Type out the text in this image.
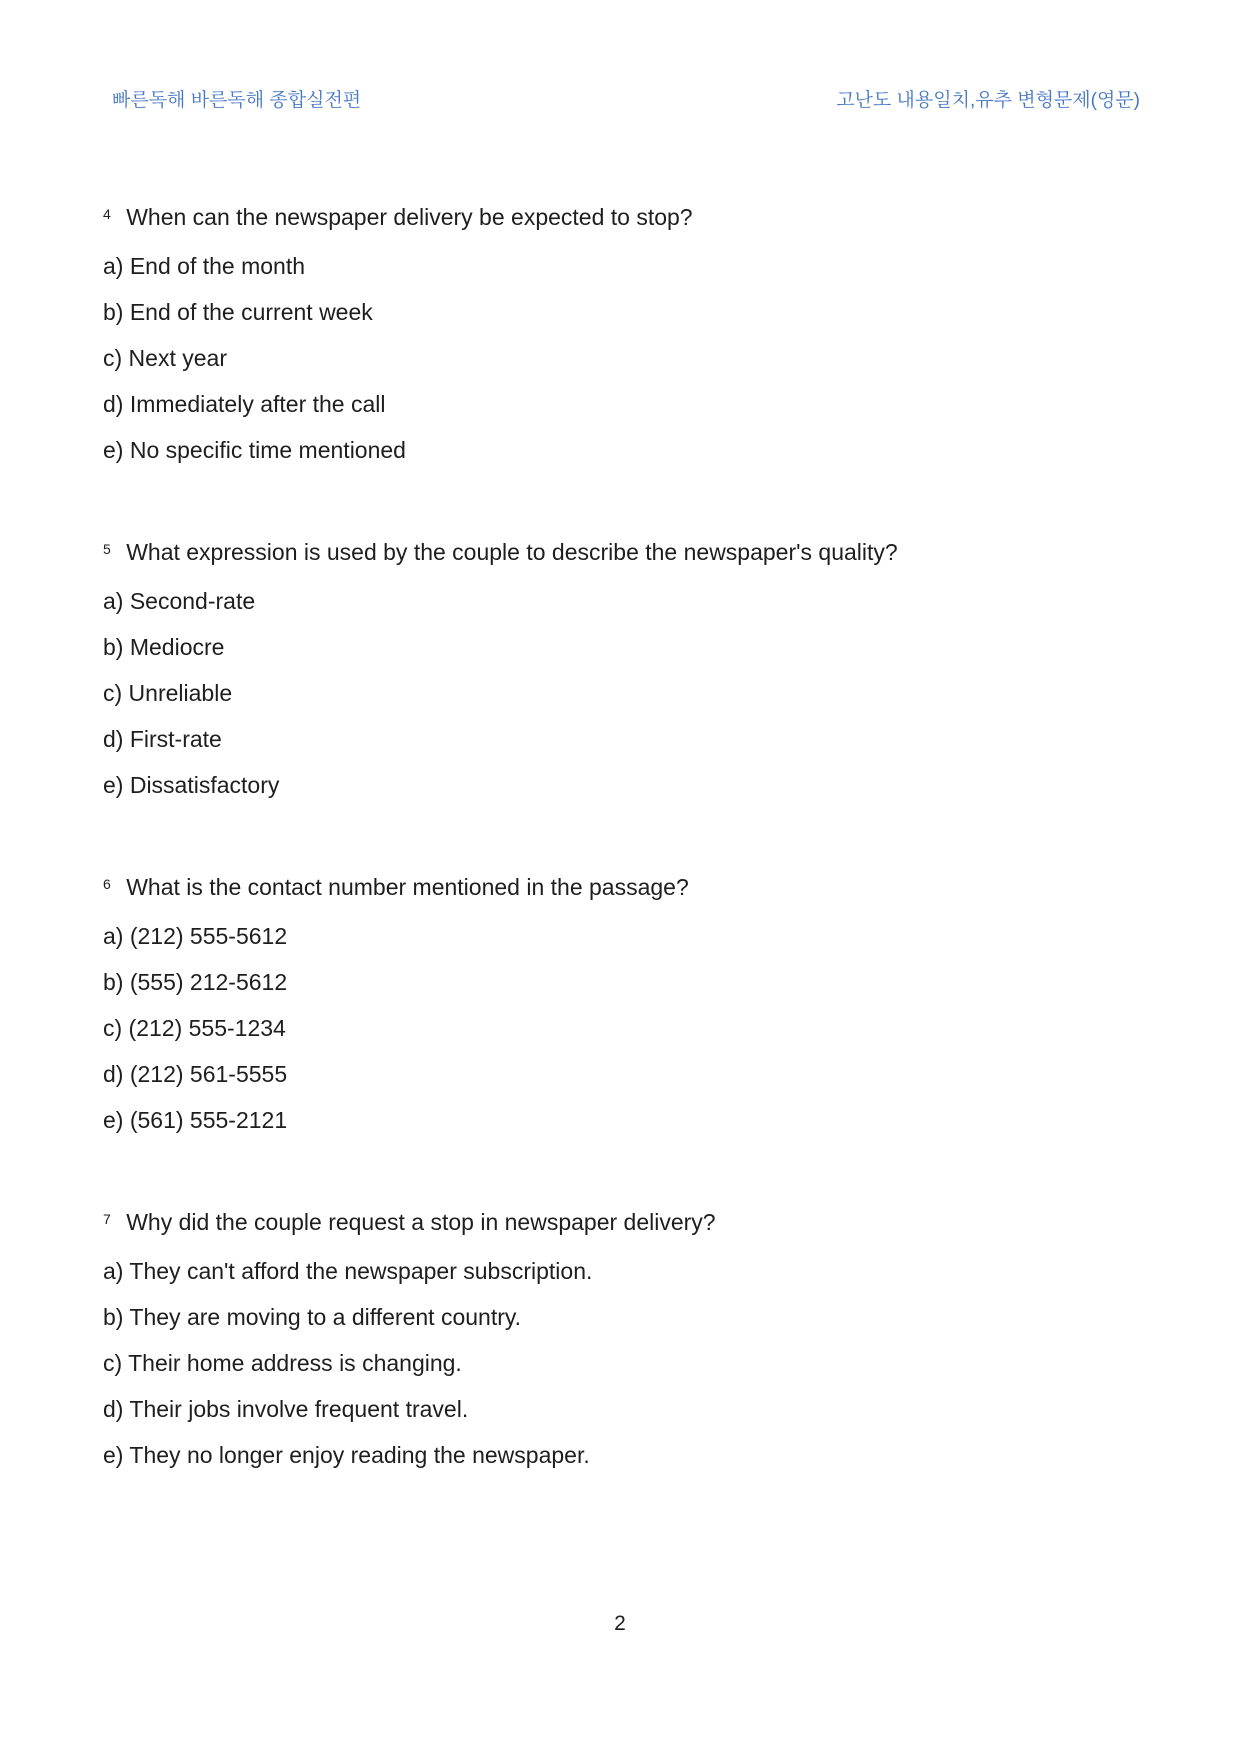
빠른독해 바른독해 종합실전편	고난도 내용일치,유추 변형문제(영문)
$^4$ When can the newspaper delivery be expected to stop?
a) End of the month
b) End of the current week
c) Next year
d) Immediately after the call
e) No specific time mentioned
$^5$ What expression is used by the couple to describe the newspaper's quality?
a) Second-rate
b) Mediocre
c) Unreliable
d) First-rate
e) Dissatisfactory
$^6$ What is the contact number mentioned in the passage?
a) (212) 555-5612
b) (555) 212-5612
c) (212) 555-1234
d) (212) 561-5555
e) (561) 555-2121
$^7$ Why did the couple request a stop in newspaper delivery?
a) They can't afford the newspaper subscription.
b) They are moving to a different country.
c) Their home address is changing.
d) Their jobs involve frequent travel.
e) They no longer enjoy reading the newspaper.
2
